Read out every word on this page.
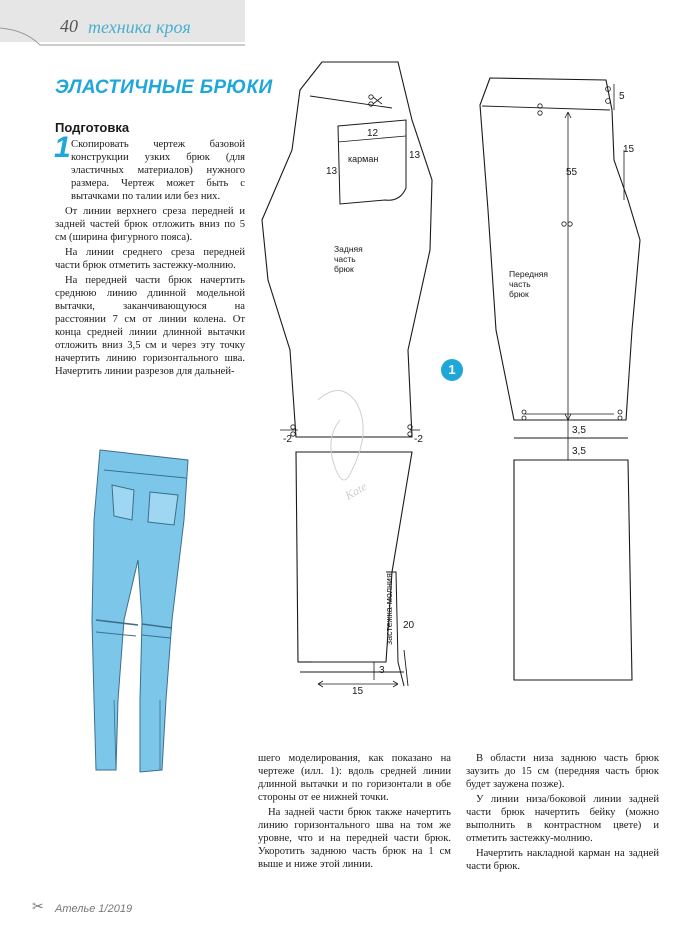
40 техника кроя
ЭЛАСТИЧНЫЕ БРЮКИ
Подготовка
1 Скопировать чертеж базовой конструкции узких брюк (для эластичных материалов) нужного размера. Чертеж может быть с вытачками по талии или без них.

От линии верхнего среза передней и задней частей брюк отложить вниз по 5 см (ширина фигурного пояса).

На линии среднего среза передней части брюк отметить застежку-молнию.

На передней части брюк начертить среднюю линию длинной модельной вытачки, заканчивающуюся на расстоянии 7 см от линии колена. От конца средней линии длинной вытачки отложить вниз 3,5 см и через эту точку начертить линию горизонтального шва. Начертить линии разрезов для дальней-

шего моделирования, как показано на чертеже (илл. 1): вдоль средней линии длинной вытачки и по горизонтали в обе стороны от ее нижней точки.

На задней части брюк также начертить линию горизонтального шва на том же уровне, что и на передней части брюк. Укоротить заднюю часть брюк на 1 см выше и ниже этой линии.

В области низа заднюю часть брюк заузить до 15 см (передняя часть брюк будет заужена позже).

У линии низа/боковой линии задней части брюк начертить бейку (можно выполнить в контрастном цвете) и отметить застежку-молнию.

Начертить накладной карман на задней части брюк.

Kate
12
карман
13
13
Задняя часть брюк
-2	-2
застежка-молния 20
3
15
5
15
55
Передняя часть брюк
3,5
3,5
1
✂ Ателье 1/2019
